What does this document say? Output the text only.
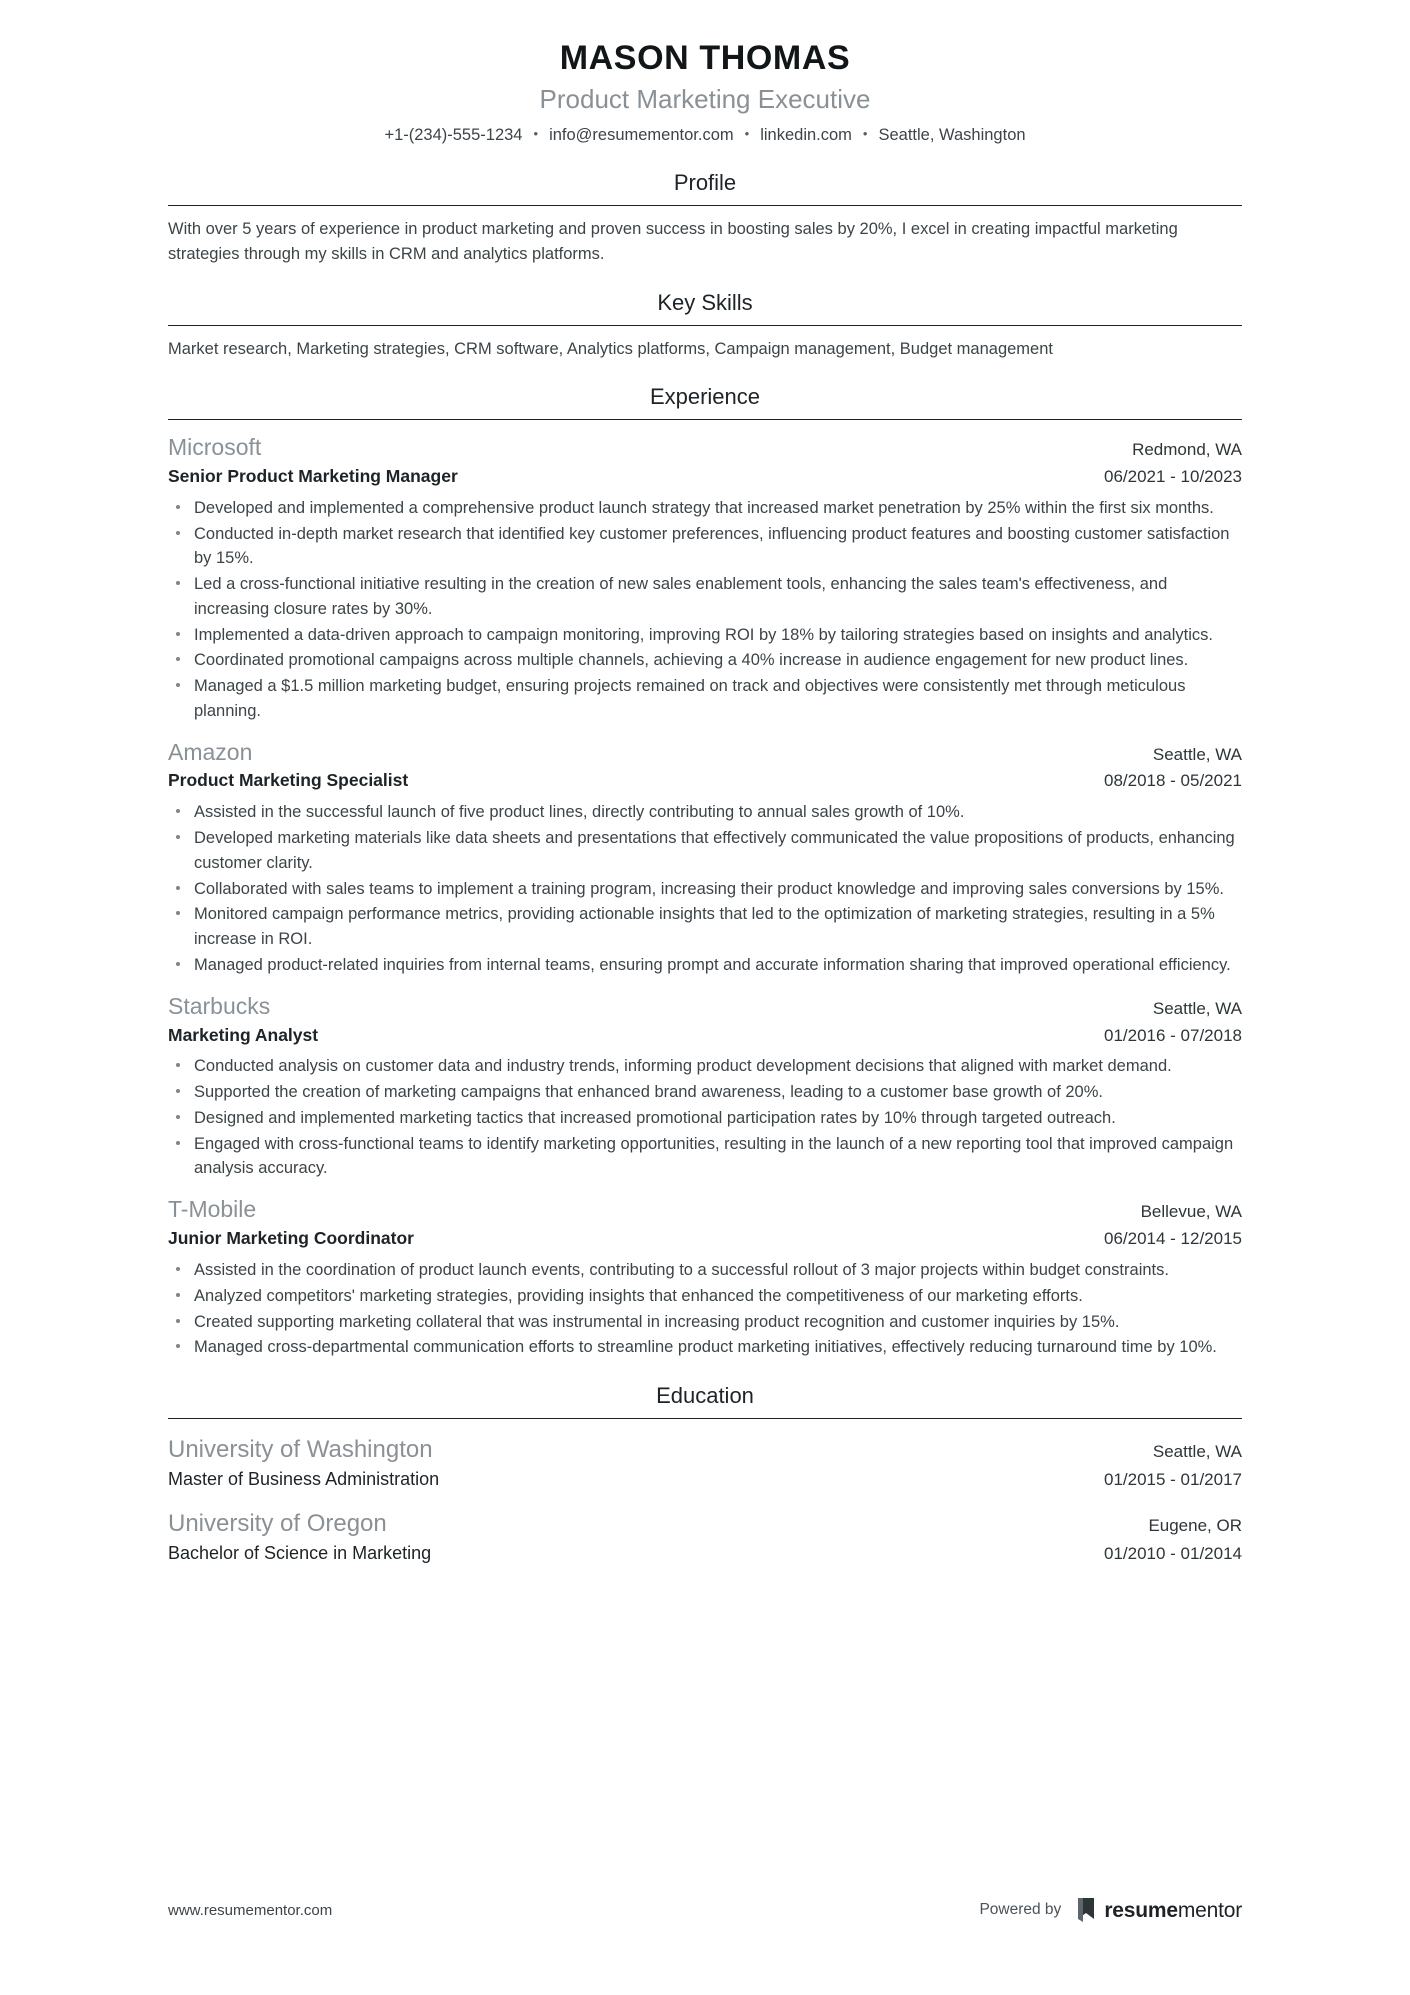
MASON THOMAS
Product Marketing Executive
+1-(234)-555-1234 • info@resumementor.com • linkedin.com • Seattle, Washington
Profile
With over 5 years of experience in product marketing and proven success in boosting sales by 20%, I excel in creating impactful marketing strategies through my skills in CRM and analytics platforms.
Key Skills
Market research, Marketing strategies, CRM software, Analytics platforms, Campaign management, Budget management
Experience
Microsoft	Redmond, WA
Senior Product Marketing Manager	06/2021 - 10/2023
Developed and implemented a comprehensive product launch strategy that increased market penetration by 25% within the first six months.
Conducted in-depth market research that identified key customer preferences, influencing product features and boosting customer satisfaction by 15%.
Led a cross-functional initiative resulting in the creation of new sales enablement tools, enhancing the sales team's effectiveness, and increasing closure rates by 30%.
Implemented a data-driven approach to campaign monitoring, improving ROI by 18% by tailoring strategies based on insights and analytics.
Coordinated promotional campaigns across multiple channels, achieving a 40% increase in audience engagement for new product lines.
Managed a $1.5 million marketing budget, ensuring projects remained on track and objectives were consistently met through meticulous planning.
Amazon	Seattle, WA
Product Marketing Specialist	08/2018 - 05/2021
Assisted in the successful launch of five product lines, directly contributing to annual sales growth of 10%.
Developed marketing materials like data sheets and presentations that effectively communicated the value propositions of products, enhancing customer clarity.
Collaborated with sales teams to implement a training program, increasing their product knowledge and improving sales conversions by 15%.
Monitored campaign performance metrics, providing actionable insights that led to the optimization of marketing strategies, resulting in a 5% increase in ROI.
Managed product-related inquiries from internal teams, ensuring prompt and accurate information sharing that improved operational efficiency.
Starbucks	Seattle, WA
Marketing Analyst	01/2016 - 07/2018
Conducted analysis on customer data and industry trends, informing product development decisions that aligned with market demand.
Supported the creation of marketing campaigns that enhanced brand awareness, leading to a customer base growth of 20%.
Designed and implemented marketing tactics that increased promotional participation rates by 10% through targeted outreach.
Engaged with cross-functional teams to identify marketing opportunities, resulting in the launch of a new reporting tool that improved campaign analysis accuracy.
T-Mobile	Bellevue, WA
Junior Marketing Coordinator	06/2014 - 12/2015
Assisted in the coordination of product launch events, contributing to a successful rollout of 3 major projects within budget constraints.
Analyzed competitors' marketing strategies, providing insights that enhanced the competitiveness of our marketing efforts.
Created supporting marketing collateral that was instrumental in increasing product recognition and customer inquiries by 15%.
Managed cross-departmental communication efforts to streamline product marketing initiatives, effectively reducing turnaround time by 10%.
Education
University of Washington	Seattle, WA
Master of Business Administration	01/2015 - 01/2017
University of Oregon	Eugene, OR
Bachelor of Science in Marketing	01/2010 - 01/2014
www.resumementor.com	Powered by resumementor
